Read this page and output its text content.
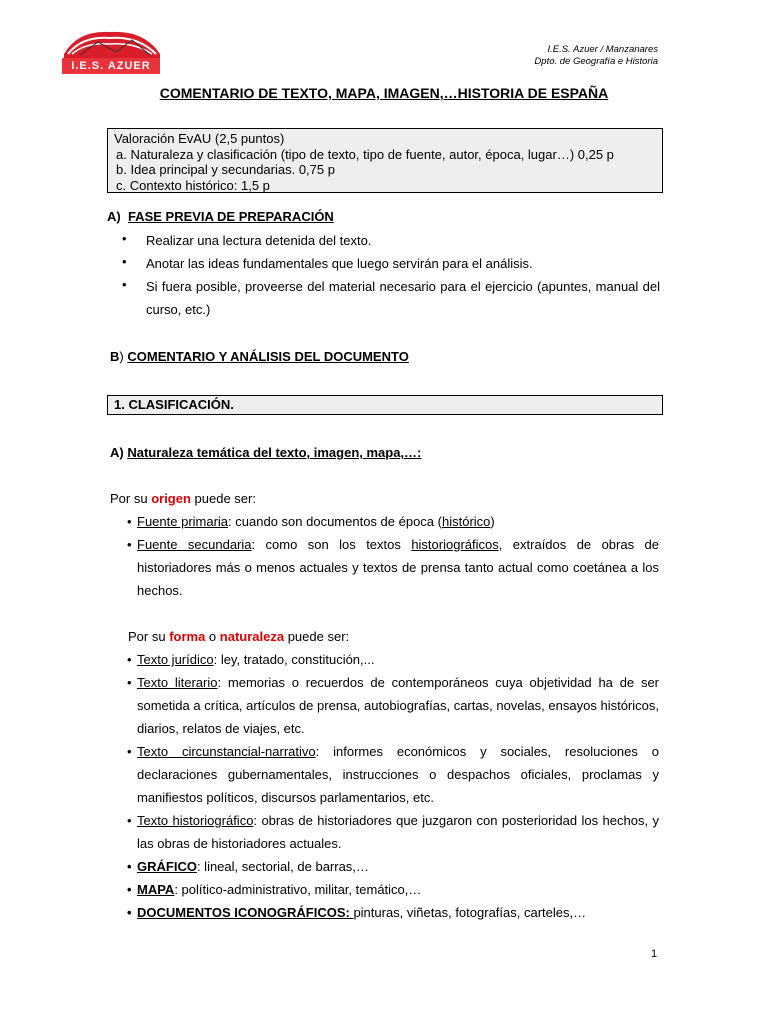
I.E.S. AZUER
I.E.S. Azuer / Manzanares
Dpto. de Geografía e Historia
COMENTARIO DE TEXTO, MAPA, IMAGEN,…HISTORIA DE ESPAÑA
Valoración EvAU (2,5 puntos)
a. Naturaleza y clasificación (tipo de texto, tipo de fuente, autor, época, lugar…) 0,25 p
b. Idea principal y secundarias. 0,75 p
c. Contexto histórico: 1,5 p
A) FASE PREVIA DE PREPARACIÓN
• Realizar una lectura detenida del texto.
• Anotar las ideas fundamentales que luego servirán para el análisis.
• Si fuera posible, proveerse del material necesario para el ejercicio (apuntes, manual del curso, etc.)
B) COMENTARIO Y ANÁLISIS DEL DOCUMENTO
1. CLASIFICACIÓN.
A) Naturaleza temática del texto, imagen, mapa,…:
Por su origen puede ser:
• Fuente primaria: cuando son documentos de época (histórico)
• Fuente secundaria: como son los textos historiográficos, extraídos de obras de historiadores más o menos actuales y textos de prensa tanto actual como coetánea a los hechos.
Por su forma o naturaleza puede ser:
• Texto jurídico: ley, tratado, constitución,...
• Texto literario: memorias o recuerdos de contemporáneos cuya objetividad ha de ser sometida a crítica, artículos de prensa, autobiografías, cartas, novelas, ensayos históricos, diarios, relatos de viajes, etc.
• Texto circunstancial-narrativo: informes económicos y sociales, resoluciones o declaraciones gubernamentales, instrucciones o despachos oficiales, proclamas y manifiestos políticos, discursos parlamentarios, etc.
• Texto historiográfico: obras de historiadores que juzgaron con posterioridad los hechos, y las obras de historiadores actuales.
• GRÁFICO: lineal, sectorial, de barras,…
• MAPA: político-administrativo, militar, temático,…
• DOCUMENTOS ICONOGRÁFICOS: pinturas, viñetas, fotografías, carteles,…
1
